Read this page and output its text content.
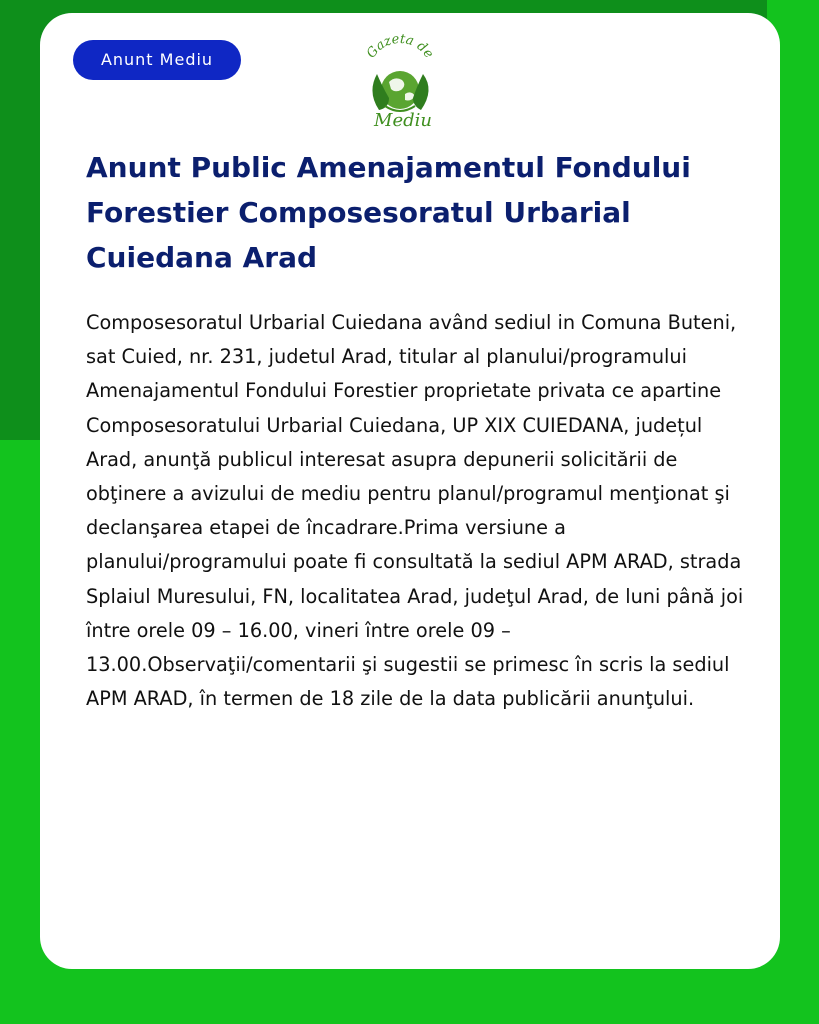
Anunt Mediu	Gazeta de
Mediu
Anunt Public Amenajamentul Fondului Forestier Composesoratul Urbarial Cuiedana Arad

Composesoratul Urbarial Cuiedana având sediul in Comuna Buteni, sat Cuied, nr. 231, judetul Arad, titular al planului/programului Amenajamentul Fondului Forestier proprietate privata ce apartine Composesoratului Urbarial Cuiedana, UP XIX CUIEDANA, județul Arad, anunţă publicul interesat asupra depunerii solicitării de obţinere a avizului de mediu pentru planul/programul menţionat şi declanşarea etapei de încadrare.Prima versiune a planului/programului poate fi consultată la sediul APM ARAD, strada Splaiul Muresului, FN, localitatea Arad, judeţul Arad, de luni până joi între orele 09 – 16.00, vineri între orele 09 – 13.00.Observaţii/comentarii şi sugestii se primesc în scris la sediul APM ARAD, în termen de 18 zile de la data publicării anunţului.
